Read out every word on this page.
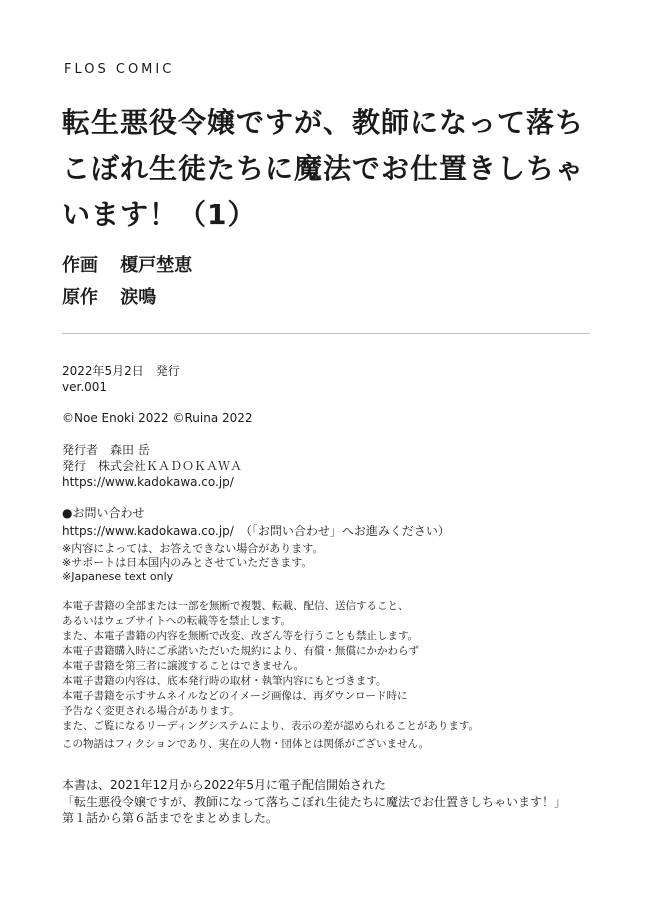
FLOS COMIC
転生悪役令嬢ですが、教師になって落ち
こぼれ生徒たちに魔法でお仕置きしちゃ
います！（1）
作画 榎戸埜恵
原作 涙鳴
2022年5月2日　発行
ver.001
©Noe Enoki 2022 ©Ruina 2022
発行者　森田 岳
発行　株式会社ＫＡＤＯＫＡＷＡ
https://www.kadokawa.co.jp/
●お問い合わせ
https://www.kadokawa.co.jp/　（「お問い合わせ」へお進みください）
※内容によっては、お答えできない場合があります。
※サポートは日本国内のみとさせていただきます。
※Japanese text only
本電子書籍の全部または一部を無断で複製、転載、配信、送信すること、
あるいはウェブサイトへの転載等を禁止します。
また、本電子書籍の内容を無断で改変、改ざん等を行うことも禁止します。
本電子書籍購入時にご承諾いただいた規約により、有償・無償にかかわらず
本電子書籍を第三者に譲渡することはできません。
本電子書籍の内容は、底本発行時の取材・執筆内容にもとづきます。
本電子書籍を示すサムネイルなどのイメージ画像は、再ダウンロード時に
予告なく変更される場合があります。
また、ご覧になるリーディングシステムにより、表示の差が認められることがあります。
この物語はフィクションであり、実在の人物・団体とは関係がございません。
本書は、2021年12月から2022年5月に電子配信開始された
「転生悪役令嬢ですが、教師になって落ちこぼれ生徒たちに魔法でお仕置きしちゃいます！」
第１話から第６話までをまとめました。
